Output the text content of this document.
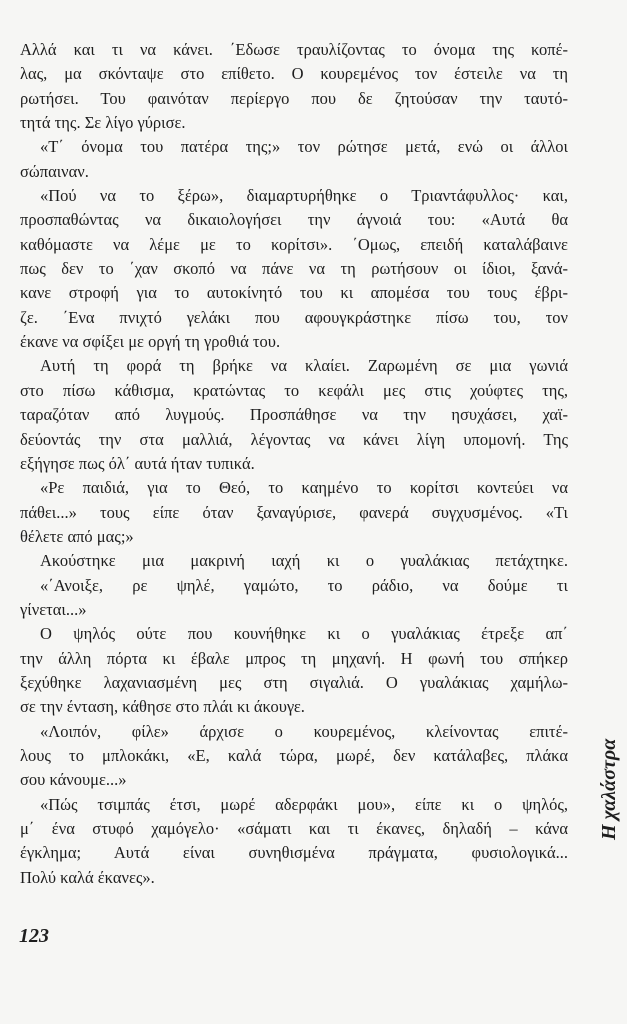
Αλλά και τι να κάνει. ΄Εδωσε τραυλίζοντας το όνομα της κοπέ-
λας, μα σκόνταψε στο επίθετο. Ο κουρεμένος τον έστειλε να τη
ρωτήσει. Του φαινόταν περίεργο που δε ζητούσαν την ταυτό-
τητά της. Σε λίγο γύρισε.
«Τ΄ όνομα του πατέρα της;» τον ρώτησε μετά, ενώ οι άλλοι
σώπαιναν.
«Πού να το ξέρω», διαμαρτυρήθηκε ο Τριαντάφυλλος· και,
προσπαθώντας να δικαιολογήσει την άγνοιά του: «Αυτά θα
καθόμαστε να λέμε με το κορίτσι». ΄Ομως, επειδή καταλάβαινε
πως δεν το ΄χαν σκοπό να πάνε να τη ρωτήσουν οι ίδιοι, ξανά-
κανε στροφή για το αυτοκίνητό του κι απομέσα του τους έβρι-
ζε. ΄Ενα πνιχτό γελάκι που αφουγκράστηκε πίσω του, τον
έκανε να σφίξει με οργή τη γροθιά του.
Αυτή τη φορά τη βρήκε να κλαίει. Ζαρωμένη σε μια γωνιά
στο πίσω κάθισμα, κρατώντας το κεφάλι μες στις χούφτες της,
ταραζόταν από λυγμούς. Προσπάθησε να την ησυχάσει, χαϊ-
δεύοντάς την στα μαλλιά, λέγοντας να κάνει λίγη υπομονή. Της
εξήγησε πως όλ΄ αυτά ήταν τυπικά.
«Ρε παιδιά, για το Θεό, το καημένο το κορίτσι κοντεύει να
πάθει...» τους είπε όταν ξαναγύρισε, φανερά συγχυσμένος. «Τι
θέλετε από μας;»
Ακούστηκε μια μακρινή ιαχή κι ο γυαλάκιας πετάχτηκε.
«΄Ανοιξε, ρε ψηλέ, γαμώτο, το ράδιο, να δούμε τι
γίνεται...»
Ο ψηλός ούτε που κουνήθηκε κι ο γυαλάκιας έτρεξε απ΄
την άλλη πόρτα κι έβαλε μπρος τη μηχανή. Η φωνή του σπήκερ
ξεχύθηκε λαχανιασμένη μες στη σιγαλιά. Ο γυαλάκιας χαμήλω-
σε την ένταση, κάθησε στο πλάι κι άκουγε.
«Λοιπόν, φίλε» άρχισε ο κουρεμένος, κλείνοντας επιτέ-
λους το μπλοκάκι, «Ε, καλά τώρα, μωρέ, δεν κατάλαβες, πλάκα
σου κάνουμε...»
«Πώς τσιμπάς έτσι, μωρέ αδερφάκι μου», είπε κι ο ψηλός,
μ΄ ένα στυφό χαμόγελο· «σάματι και τι έκανες, δηλαδή – κάνα
έγκλημα; Αυτά είναι συνηθισμένα πράγματα, φυσιολογικά...
Πολύ καλά έκανες».
123
Η χαλάστρα
